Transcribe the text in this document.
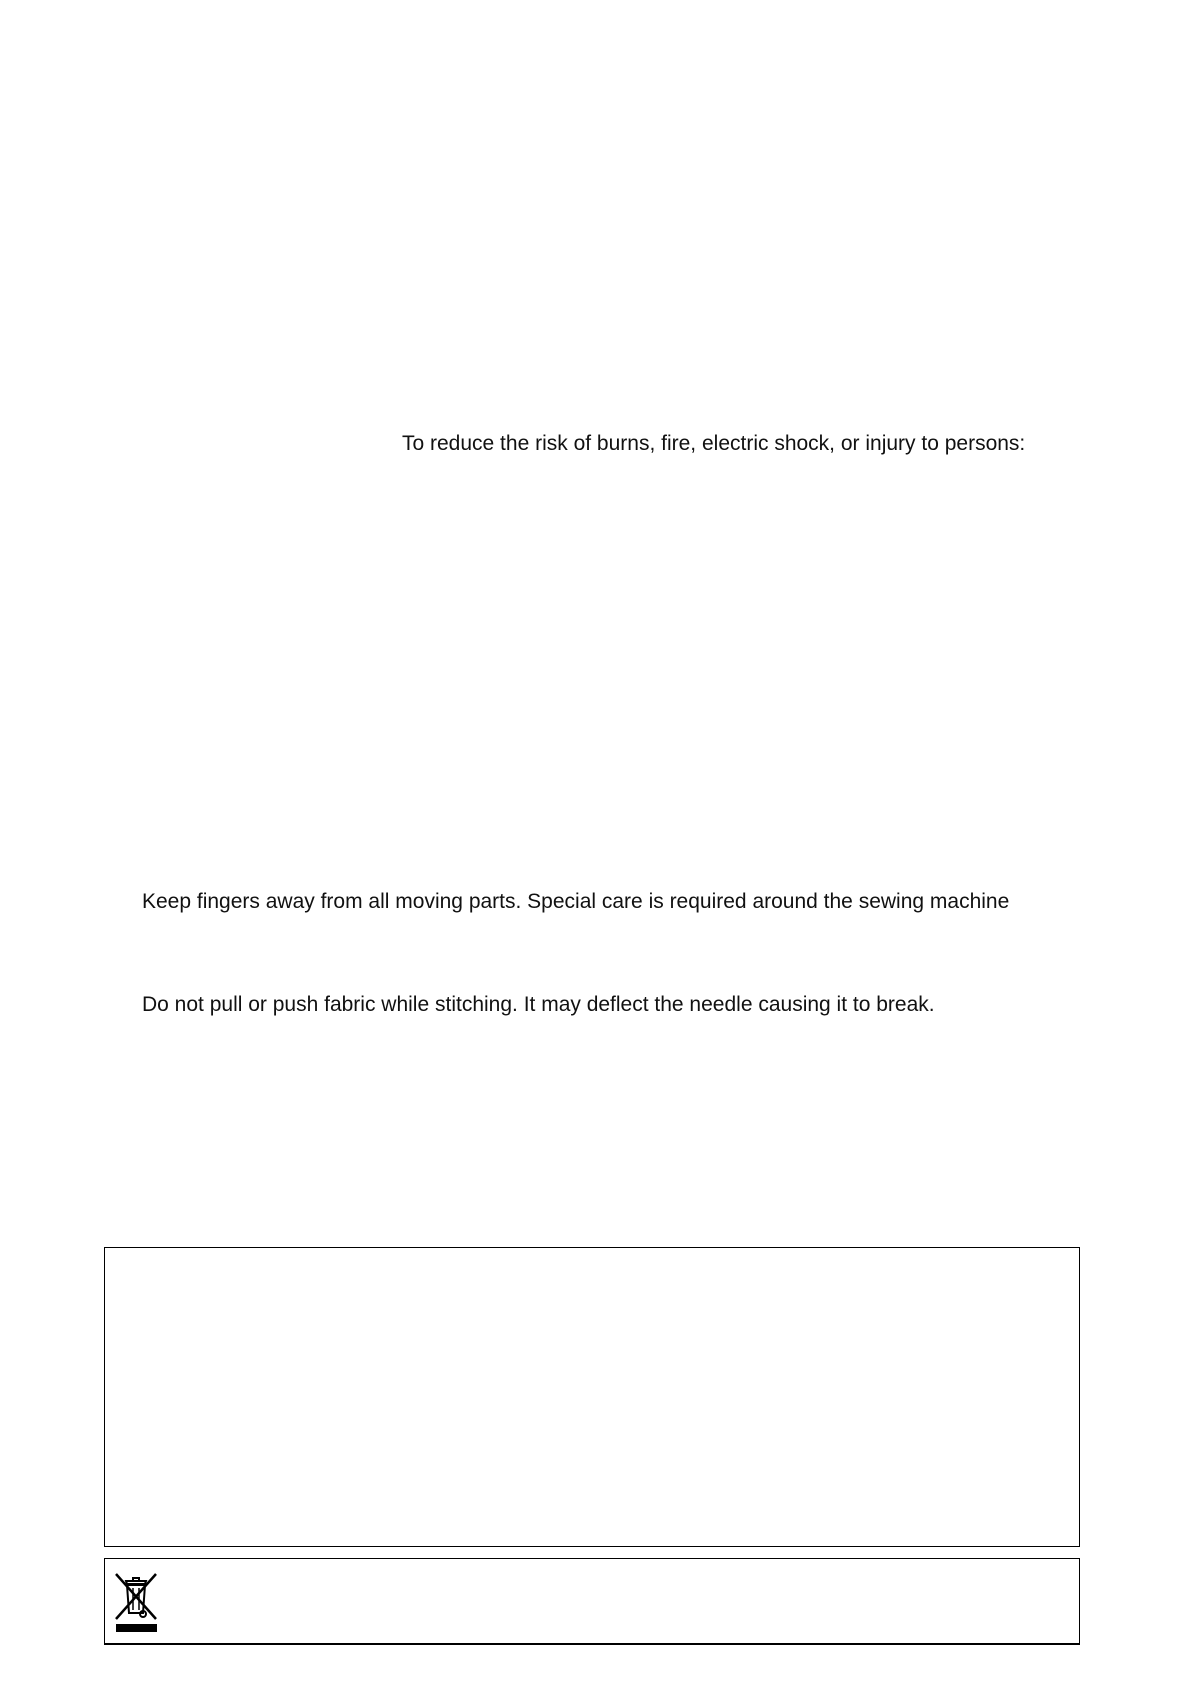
To reduce the risk of burns, fire, electric shock, or injury to persons:
Keep fingers away from all moving parts. Special care is required around the sewing machine
Do not pull or push fabric while stitching. It may deflect the needle causing it to break.
